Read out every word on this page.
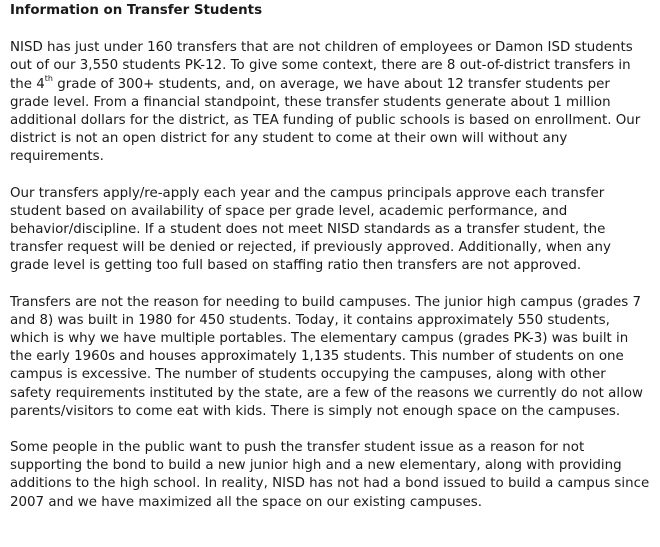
Information on Transfer Students

NISD has just under 160 transfers that are not children of employees or Damon ISD students out of our 3,550 students PK-12. To give some context, there are 8 out-of-district transfers in the 4th grade of 300+ students, and, on average, we have about 12 transfer students per grade level. From a financial standpoint, these transfer students generate about 1 million additional dollars for the district, as TEA funding of public schools is based on enrollment. Our district is not an open district for any student to come at their own will without any requirements.

Our transfers apply/re-apply each year and the campus principals approve each transfer student based on availability of space per grade level, academic performance, and behavior/discipline. If a student does not meet NISD standards as a transfer student, the transfer request will be denied or rejected, if previously approved. Additionally, when any grade level is getting too full based on staffing ratio then transfers are not approved.

Transfers are not the reason for needing to build campuses. The junior high campus (grades 7 and 8) was built in 1980 for 450 students. Today, it contains approximately 550 students, which is why we have multiple portables. The elementary campus (grades PK-3) was built in the early 1960s and houses approximately 1,135 students. This number of students on one campus is excessive. The number of students occupying the campuses, along with other safety requirements instituted by the state, are a few of the reasons we currently do not allow parents/visitors to come eat with kids. There is simply not enough space on the campuses.

Some people in the public want to push the transfer student issue as a reason for not supporting the bond to build a new junior high and a new elementary, along with providing additions to the high school. In reality, NISD has not had a bond issued to build a campus since 2007 and we have maximized all the space on our existing campuses.
